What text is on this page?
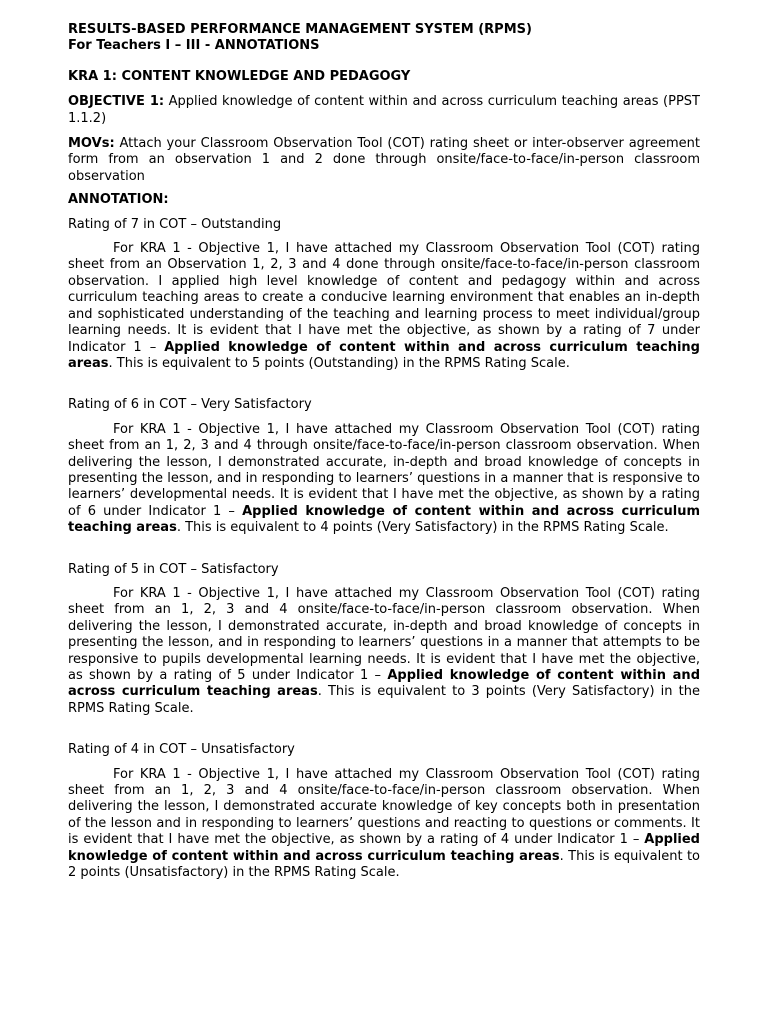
RESULTS-BASED PERFORMANCE MANAGEMENT SYSTEM (RPMS)
For Teachers I – III - ANNOTATIONS

KRA 1: CONTENT KNOWLEDGE AND PEDAGOGY

OBJECTIVE 1: Applied knowledge of content within and across curriculum teaching areas (PPST 1.1.2)

MOVs: Attach your Classroom Observation Tool (COT) rating sheet or inter-observer agreement form from an observation 1 and 2 done through onsite/face-to-face/in-person classroom observation

ANNOTATION:

Rating of 7 in COT – Outstanding

For KRA 1 - Objective 1, I have attached my Classroom Observation Tool (COT) rating sheet from an Observation 1, 2, 3 and 4 done through onsite/face-to-face/in-person classroom observation. I applied high level knowledge of content and pedagogy within and across curriculum teaching areas to create a conducive learning environment that enables an in-depth and sophisticated understanding of the teaching and learning process to meet individual/group learning needs. It is evident that I have met the objective, as shown by a rating of 7 under Indicator 1 – Applied knowledge of content within and across curriculum teaching areas. This is equivalent to 5 points (Outstanding) in the RPMS Rating Scale.

Rating of 6 in COT – Very Satisfactory

For KRA 1 - Objective 1, I have attached my Classroom Observation Tool (COT) rating sheet from an 1, 2, 3 and 4 through onsite/face-to-face/in-person classroom observation. When delivering the lesson, I demonstrated accurate, in-depth and broad knowledge of concepts in presenting the lesson, and in responding to learners’ questions in a manner that is responsive to learners’ developmental needs. It is evident that I have met the objective, as shown by a rating of 6 under Indicator 1 – Applied knowledge of content within and across curriculum teaching areas. This is equivalent to 4 points (Very Satisfactory) in the RPMS Rating Scale.

Rating of 5 in COT – Satisfactory

For KRA 1 - Objective 1, I have attached my Classroom Observation Tool (COT) rating sheet from an 1, 2, 3 and 4 onsite/face-to-face/in-person classroom observation. When delivering the lesson, I demonstrated accurate, in-depth and broad knowledge of concepts in presenting the lesson, and in responding to learners’ questions in a manner that attempts to be responsive to pupils developmental learning needs. It is evident that I have met the objective, as shown by a rating of 5 under Indicator 1 – Applied knowledge of content within and across curriculum teaching areas. This is equivalent to 3 points (Very Satisfactory) in the RPMS Rating Scale.

Rating of 4 in COT – Unsatisfactory

For KRA 1 - Objective 1, I have attached my Classroom Observation Tool (COT) rating sheet from an 1, 2, 3 and 4 onsite/face-to-face/in-person classroom observation. When delivering the lesson, I demonstrated accurate knowledge of key concepts both in presentation of the lesson and in responding to learners’ questions and reacting to questions or comments. It is evident that I have met the objective, as shown by a rating of 4 under Indicator 1 – Applied knowledge of content within and across curriculum teaching areas. This is equivalent to 2 points (Unsatisfactory) in the RPMS Rating Scale.
